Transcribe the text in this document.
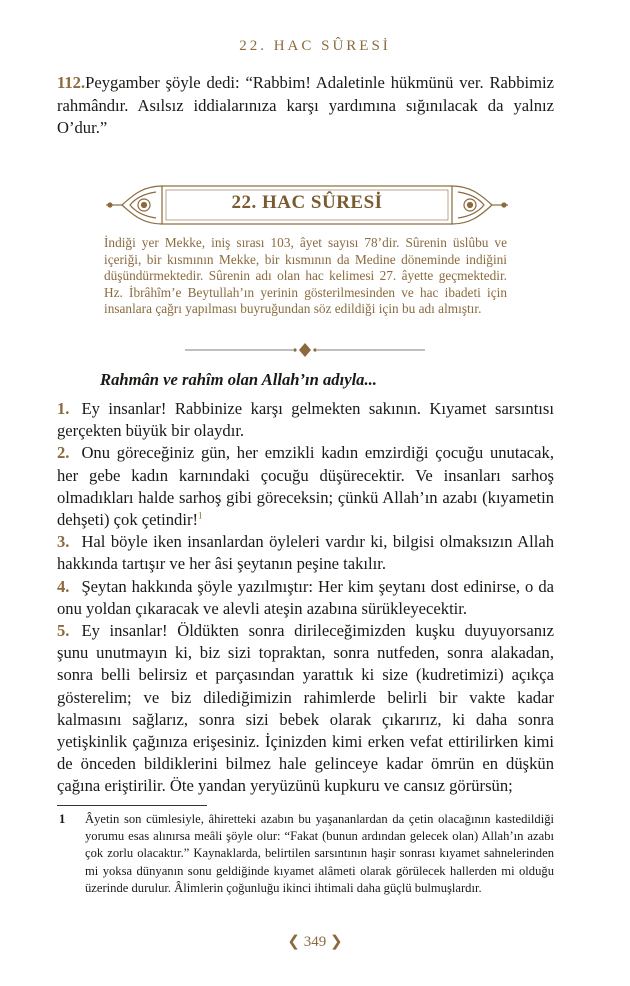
22. HAC SÛRESİ

112.Peygamber şöyle dedi: “Rabbim! Adaletinle hükmünü ver. Rabbimiz rahmândır. Asılsız iddialarınıza karşı yardımına sığınılacak da yalnız O’dur.”

22. HAC SÛRESİ
İndiği yer Mekke, iniş sırası 103, âyet sayısı 78’dir. Sûrenin üslûbu ve içeriği, bir kısmının Mekke, bir kısmının da Medine döneminde indiğini düşündürmektedir. Sûrenin adı olan hac kelimesi 27. âyette geçmektedir. Hz. İbrâhîm’e Beytullah’ın yerinin gösterilmesinden ve hac ibadeti için insanlara çağrı yapılması buyruğundan söz edildiği için bu adı almıştır.
Rahmân ve rahîm olan Allah’ın adıyla...

1. Ey insanlar! Rabbinize karşı gelmekten sakının. Kıyamet sarsıntısı gerçekten büyük bir olaydır.

2. Onu göreceğiniz gün, her emzikli kadın emzirdiği çocuğu unutacak, her gebe kadın karnındaki çocuğu düşürecektir. Ve insanları sarhoş olmadıkları halde sarhoş gibi göreceksin; çünkü Allah’ın azabı (kıyametin dehşeti) çok çetindir!$^1$

3. Hal böyle iken insanlardan öyleleri vardır ki, bilgisi olmaksızın Allah hakkında tartışır ve her âsi şeytanın peşine takılır.

4. Şeytan hakkında şöyle yazılmıştır: Her kim şeytanı dost edinirse, o da onu yoldan çıkaracak ve alevli ateşin azabına sürükleyecektir.

5. Ey insanlar! Öldükten sonra dirileceğimizden kuşku duyuyorsanız şunu unutmayın ki, biz sizi topraktan, sonra nutfeden, sonra alakadan, sonra belli belirsiz et parçasından yarattık ki size (kudretimizi) açıkça gösterelim; ve biz dilediğimizin rahimlerde belirli bir vakte kadar kalmasını sağlarız, sonra sizi bebek olarak çıkarırız, ki daha sonra yetişkinlik çağınıza erişesiniz. İçinizden kimi erken vefat ettirilirken kimi de önceden bildiklerini bilmez hale gelinceye kadar ömrün en düşkün çağına eriştirilir. Öte yandan yeryüzünü kupkuru ve cansız görürsün;

1 Âyetin son cümlesiyle, âhiretteki azabın bu yaşananlardan da çetin olacağının kastedildiği yorumu esas alınırsa meâli şöyle olur: “Fakat (bunun ardından gelecek olan) Allah’ın azabı çok zorlu olacaktır.” Kaynaklarda, belirtilen sarsıntının haşir sonrası kıyamet sahnelerinden mi yoksa dünyanın sonu geldiğinde kıyamet alâmeti olarak görülecek hallerden mi olduğu üzerinde durulur. Âlimlerin çoğunluğu ikinci ihtimali daha güçlü bulmuşlardır.
❮ 349 ❯
